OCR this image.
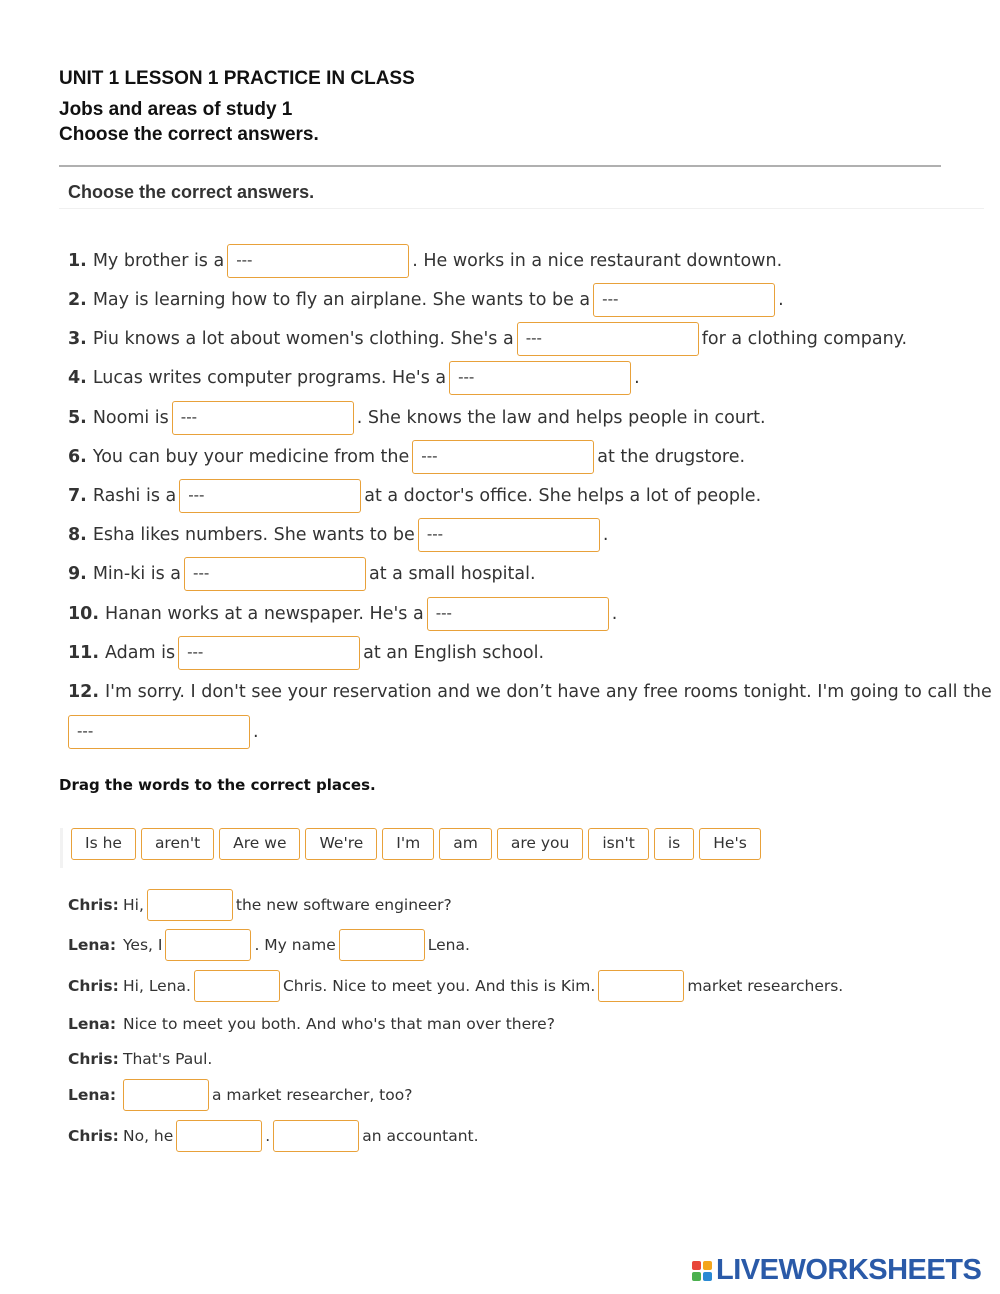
UNIT 1 LESSON 1 PRACTICE IN CLASS
Jobs and areas of study 1
Choose the correct answers.
Choose the correct answers.
1. My brother is a ---	. He works in a nice restaurant downtown.
2. May is learning how to fly an airplane. She wants to be a ---	.
3. Piu knows a lot about women's clothing. She's a ---	for a clothing company.
4. Lucas writes computer programs. He's a ---	.
5. Noomi is ---	. She knows the law and helps people in court.
6. You can buy your medicine from the ---	at the drugstore.
7. Rashi is a ---	at a doctor's office. She helps a lot of people.
8. Esha likes numbers. She wants to be ---	.
9. Min-ki is a ---	at a small hospital.
10. Hanan works at a newspaper. He's a ---	.
11. Adam is ---	at an English school.
12. I'm sorry. I don't see your reservation and we don’t have any free rooms tonight. I'm going to call the
---	.
Drag the words to the correct places.
Is he	aren't	Are we	We're	I'm	am	are you	isn't	is	He's
Chris: Hi,	the new software engineer?
Lena: Yes, I	. My name	Lena.
Chris: Hi, Lena.	Chris. Nice to meet you. And this is Kim.	market researchers.
Lena: Nice to meet you both. And who's that man over there?
Chris: That's Paul.
Lena:	a market researcher, too?
Chris: No, he	.	an accountant.
LIVEWORKSHEETS
